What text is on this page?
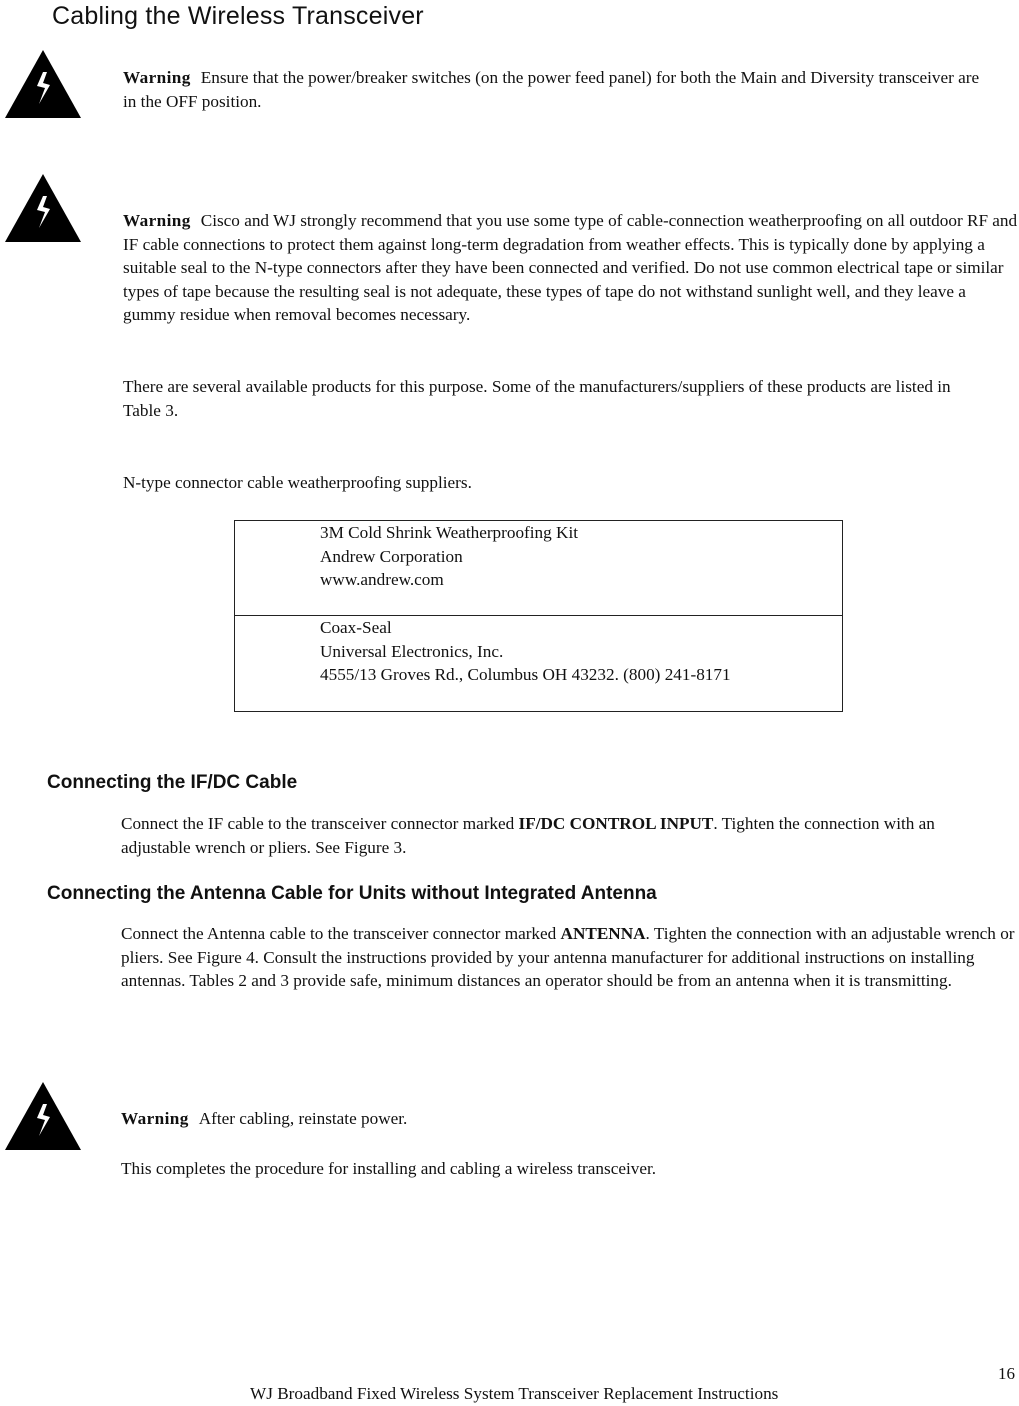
Cabling the Wireless Transceiver

Warning Ensure that the power/breaker switches (on the power feed panel) for both the Main and Diversity transceiver are in the OFF position.

Warning Cisco and WJ strongly recommend that you use some type of cable-connection weatherproofing on all outdoor RF and IF cable connections to protect them against long-term degradation from weather effects. This is typically done by applying a suitable seal to the N-type connectors after they have been connected and verified. Do not use common electrical tape or similar types of tape because the resulting seal is not adequate, these types of tape do not withstand sunlight well, and they leave a gummy residue when removal becomes necessary.

There are several available products for this purpose. Some of the manufacturers/suppliers of these products are listed in Table 3.

N-type connector cable weatherproofing suppliers.

3M Cold Shrink Weatherproofing Kit

Andrew Corporation

www.andrew.com

Coax-Seal

Universal Electronics, Inc.

4555/13 Groves Rd., Columbus OH 43232. (800) 241-8171

Connecting the IF/DC Cable

Connect the IF cable to the transceiver connector marked IF/DC CONTROL INPUT. Tighten the connection with an adjustable wrench or pliers. See Figure 3.

Connecting the Antenna Cable for Units without Integrated Antenna

Connect the Antenna cable to the transceiver connector marked ANTENNA. Tighten the connection with an adjustable wrench or pliers. See Figure 4. Consult the instructions provided by your antenna manufacturer for additional instructions on installing antennas. Tables 2 and 3 provide safe, minimum distances an operator should be from an antenna when it is transmitting.

Warning After cabling, reinstate power.

This completes the procedure for installing and cabling a wireless transceiver.

16
WJ Broadband Fixed Wireless System Transceiver Replacement Instructions
